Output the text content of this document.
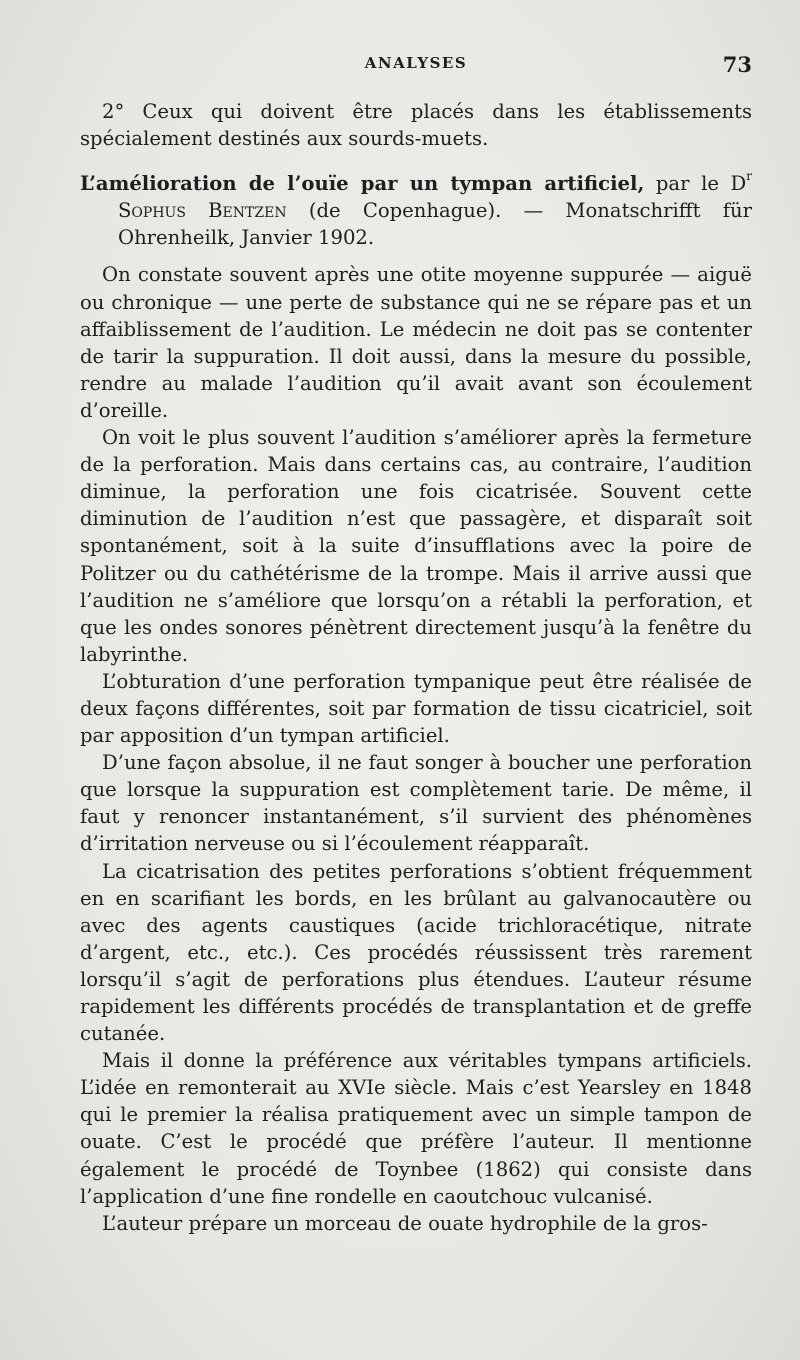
ANALYSES	73

2° Ceux qui doivent être placés dans les établissements spécialement destinés aux sourds-muets.

L’amélioration de l’ouïe par un tympan artificiel, par le $D^r$ Sophus Bentzen (de Copenhague). — Monatschrifft für Ohrenheilk, Janvier 1902.

On constate souvent après une otite moyenne suppurée — aiguë ou chronique — une perte de substance qui ne se répare pas et un affaiblissement de l’audition. Le médecin ne doit pas se contenter de tarir la suppuration. Il doit aussi, dans la mesure du possible, rendre au malade l’audition qu’il avait avant son écoulement d’oreille.

On voit le plus souvent l’audition s’améliorer après la fermeture de la perforation. Mais dans certains cas, au contraire, l’audition diminue, la perforation une fois cicatrisée. Souvent cette diminution de l’audition n’est que passagère, et disparaît soit spontanément, soit à la suite d’insufflations avec la poire de Politzer ou du cathétérisme de la trompe. Mais il arrive aussi que l’audition ne s’améliore que lorsqu’on a rétabli la perforation, et que les ondes sonores pénètrent directement jusqu’à la fenêtre du labyrinthe.

L’obturation d’une perforation tympanique peut être réalisée de deux façons différentes, soit par formation de tissu cicatriciel, soit par apposition d’un tympan artificiel.

D’une façon absolue, il ne faut songer à boucher une perforation que lorsque la suppuration est complètement tarie. De même, il faut y renoncer instantanément, s’il survient des phénomènes d’irritation nerveuse ou si l’écoulement réapparaît.

La cicatrisation des petites perforations s’obtient fréquemment en en scarifiant les bords, en les brûlant au galvanocautère ou avec des agents caustiques (acide trichloracétique, nitrate d’argent, etc., etc.). Ces procédés réussissent très rarement lorsqu’il s’agit de perforations plus étendues. L’auteur résume rapidement les différents procédés de transplantation et de greffe cutanée.

Mais il donne la préférence aux véritables tympans artificiels. L’idée en remonterait au XVIe siècle. Mais c’est Yearsley en 1848 qui le premier la réalisa pratiquement avec un simple tampon de ouate. C’est le procédé que préfère l’auteur. Il mentionne également le procédé de Toynbee (1862) qui consiste dans l’application d’une fine rondelle en caoutchouc vulcanisé.

L’auteur prépare un morceau de ouate hydrophile de la gros-
